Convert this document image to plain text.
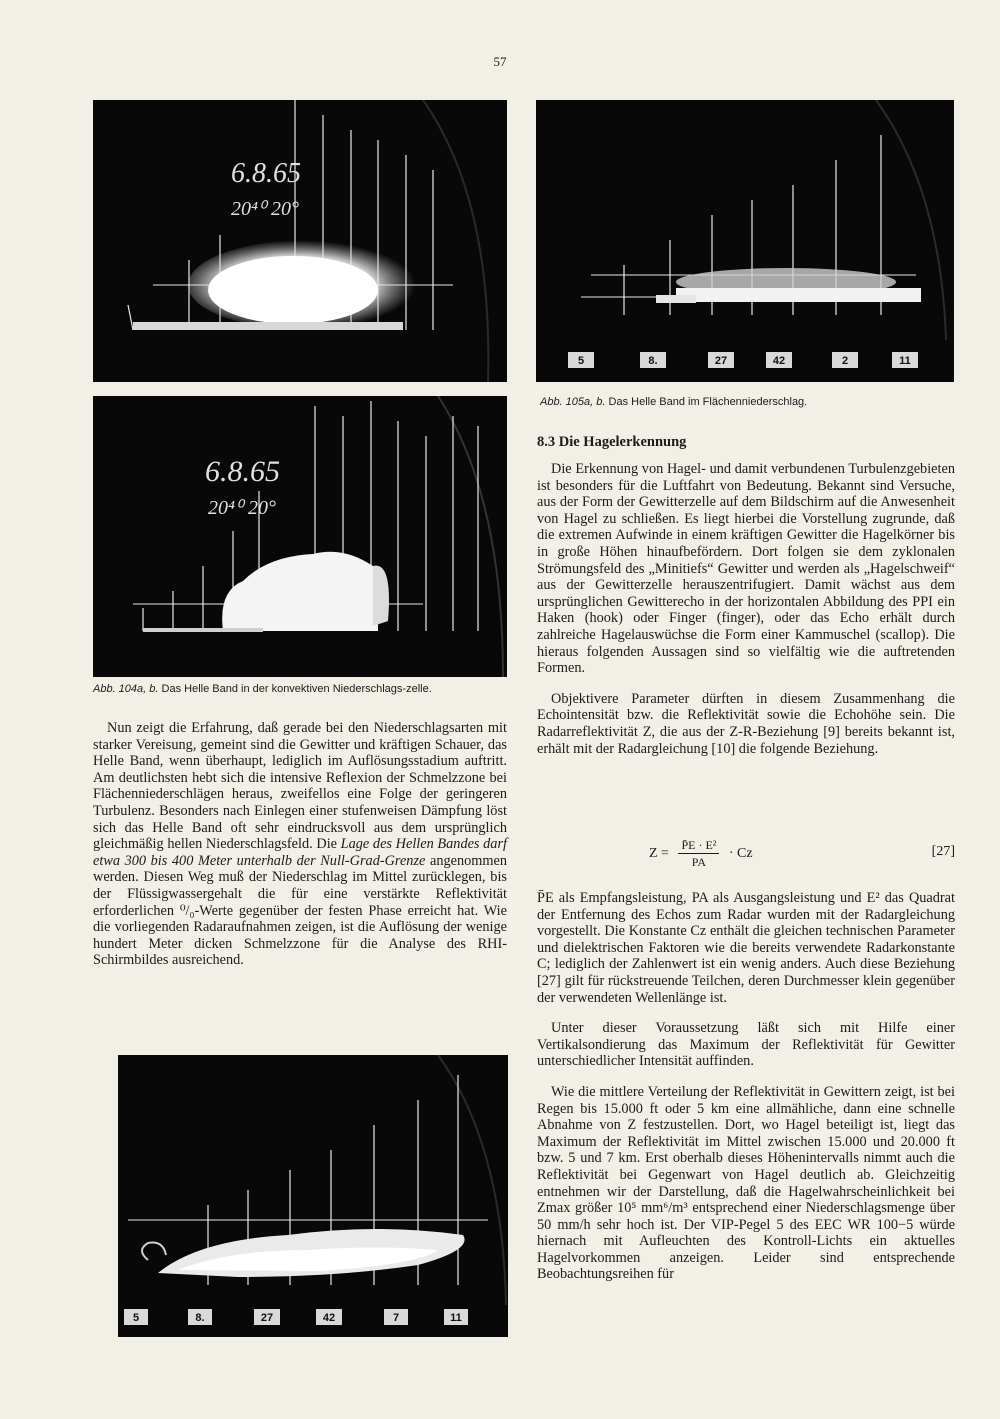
57
6.8.65
20⁴⁰ 20°
6.8.65
20⁴⁰ 20°
Abb. 104a, b. Das Helle Band in der konvektiven Niederschlags-zelle.
5	8.	27	42	2	11
Abb. 105a, b. Das Helle Band im Flächenniederschlag.
8.3 Die Hagelerkennung

Die Erkennung von Hagel- und damit verbundenen Turbulenzgebieten ist besonders für die Luftfahrt von Bedeutung. Bekannt sind Versuche, aus der Form der Gewitterzelle auf dem Bildschirm auf die Anwesenheit von Hagel zu schließen. Es liegt hierbei die Vorstellung zugrunde, daß die extremen Aufwinde in einem kräftigen Gewitter die Hagelkörner bis in große Höhen hinaufbefördern. Dort folgen sie dem zyklonalen Strömungsfeld des „Minitiefs“ Gewitter und werden als „Hagelschweif“ aus der Gewitterzelle herauszentrifugiert. Damit wächst aus dem ursprünglichen Gewitterecho in der horizontalen Abbildung des PPI ein Haken (hook) oder Finger (finger), oder das Echo erhält durch zahlreiche Hagelauswüchse die Form einer Kammuschel (scallop). Die hieraus folgenden Aussagen sind so vielfältig wie die auftretenden Formen.

Objektivere Parameter dürften in diesem Zusammenhang die Echointensität bzw. die Reflektivität sowie die Echohöhe sein. Die Radarreflektivität Z, die aus der Z-R-Beziehung [9] bereits bekannt ist, erhält mit der Radargleichung [10] die folgende Beziehung.

$Z = \frac{\text{P̄E · E²}}{PA} \cdot Cz$	[27]

P̄E als Empfangsleistung, PA als Ausgangsleistung und E² das Quadrat der Entfernung des Echos zum Radar wurden mit der Radargleichung vorgestellt. Die Konstante Cz enthält die gleichen technischen Parameter und dielektrischen Faktoren wie die bereits verwendete Radarkonstante C; lediglich der Zahlenwert ist ein wenig anders. Auch diese Beziehung [27] gilt für rückstreuende Teilchen, deren Durchmesser klein gegenüber der verwendeten Wellenlänge ist.

Unter dieser Voraussetzung läßt sich mit Hilfe einer Vertikalsondierung das Maximum der Reflektivität für Gewitter unterschiedlicher Intensität auffinden.

Wie die mittlere Verteilung der Reflektivität in Gewittern zeigt, ist bei Regen bis 15.000 ft oder 5 km eine allmähliche, dann eine schnelle Abnahme von Z festzustellen. Dort, wo Hagel beteiligt ist, liegt das Maximum der Reflektivität im Mittel zwischen 15.000 und 20.000 ft bzw. 5 und 7 km. Erst oberhalb dieses Höhenintervalls nimmt auch die Reflektivität bei Gegenwart von Hagel deutlich ab. Gleichzeitig entnehmen wir der Darstellung, daß die Hagelwahrscheinlichkeit bei Zmax größer 10⁵ mm⁶/m³ entsprechend einer Niederschlagsmenge über 50 mm/h sehr hoch ist. Der VIP-Pegel 5 des EEC WR 100−5 würde hiernach mit Aufleuchten des Kontroll-Lichts ein aktuelles Hagelvorkommen anzeigen. Leider sind entsprechende Beobachtungsreihen für

Nun zeigt die Erfahrung, daß gerade bei den Niederschlagsarten mit starker Vereisung, gemeint sind die Gewitter und kräftigen Schauer, das Helle Band, wenn überhaupt, lediglich im Auflösungsstadium auftritt. Am deutlichsten hebt sich die intensive Reflexion der Schmelzzone bei Flächenniederschlägen heraus, zweifellos eine Folge der geringeren Turbulenz. Besonders nach Einlegen einer stufenweisen Dämpfung löst sich das Helle Band oft sehr eindrucksvoll aus dem ursprünglich gleichmäßig hellen Niederschlagsfeld. Die Lage des Hellen Bandes darf etwa 300 bis 400 Meter unterhalb der Null-Grad-Grenze angenommen werden. Diesen Weg muß der Niederschlag im Mittel zurücklegen, bis der Flüssigwassergehalt die für eine verstärkte Reflektivität erforderlichen ⁰/₀-Werte gegenüber der festen Phase erreicht hat. Wie die vorliegenden Radaraufnahmen zeigen, ist die Auflösung der wenige hundert Meter dicken Schmelzzone für die Analyse des RHI-Schirmbildes ausreichend.

5	8.	27	42	7	11
